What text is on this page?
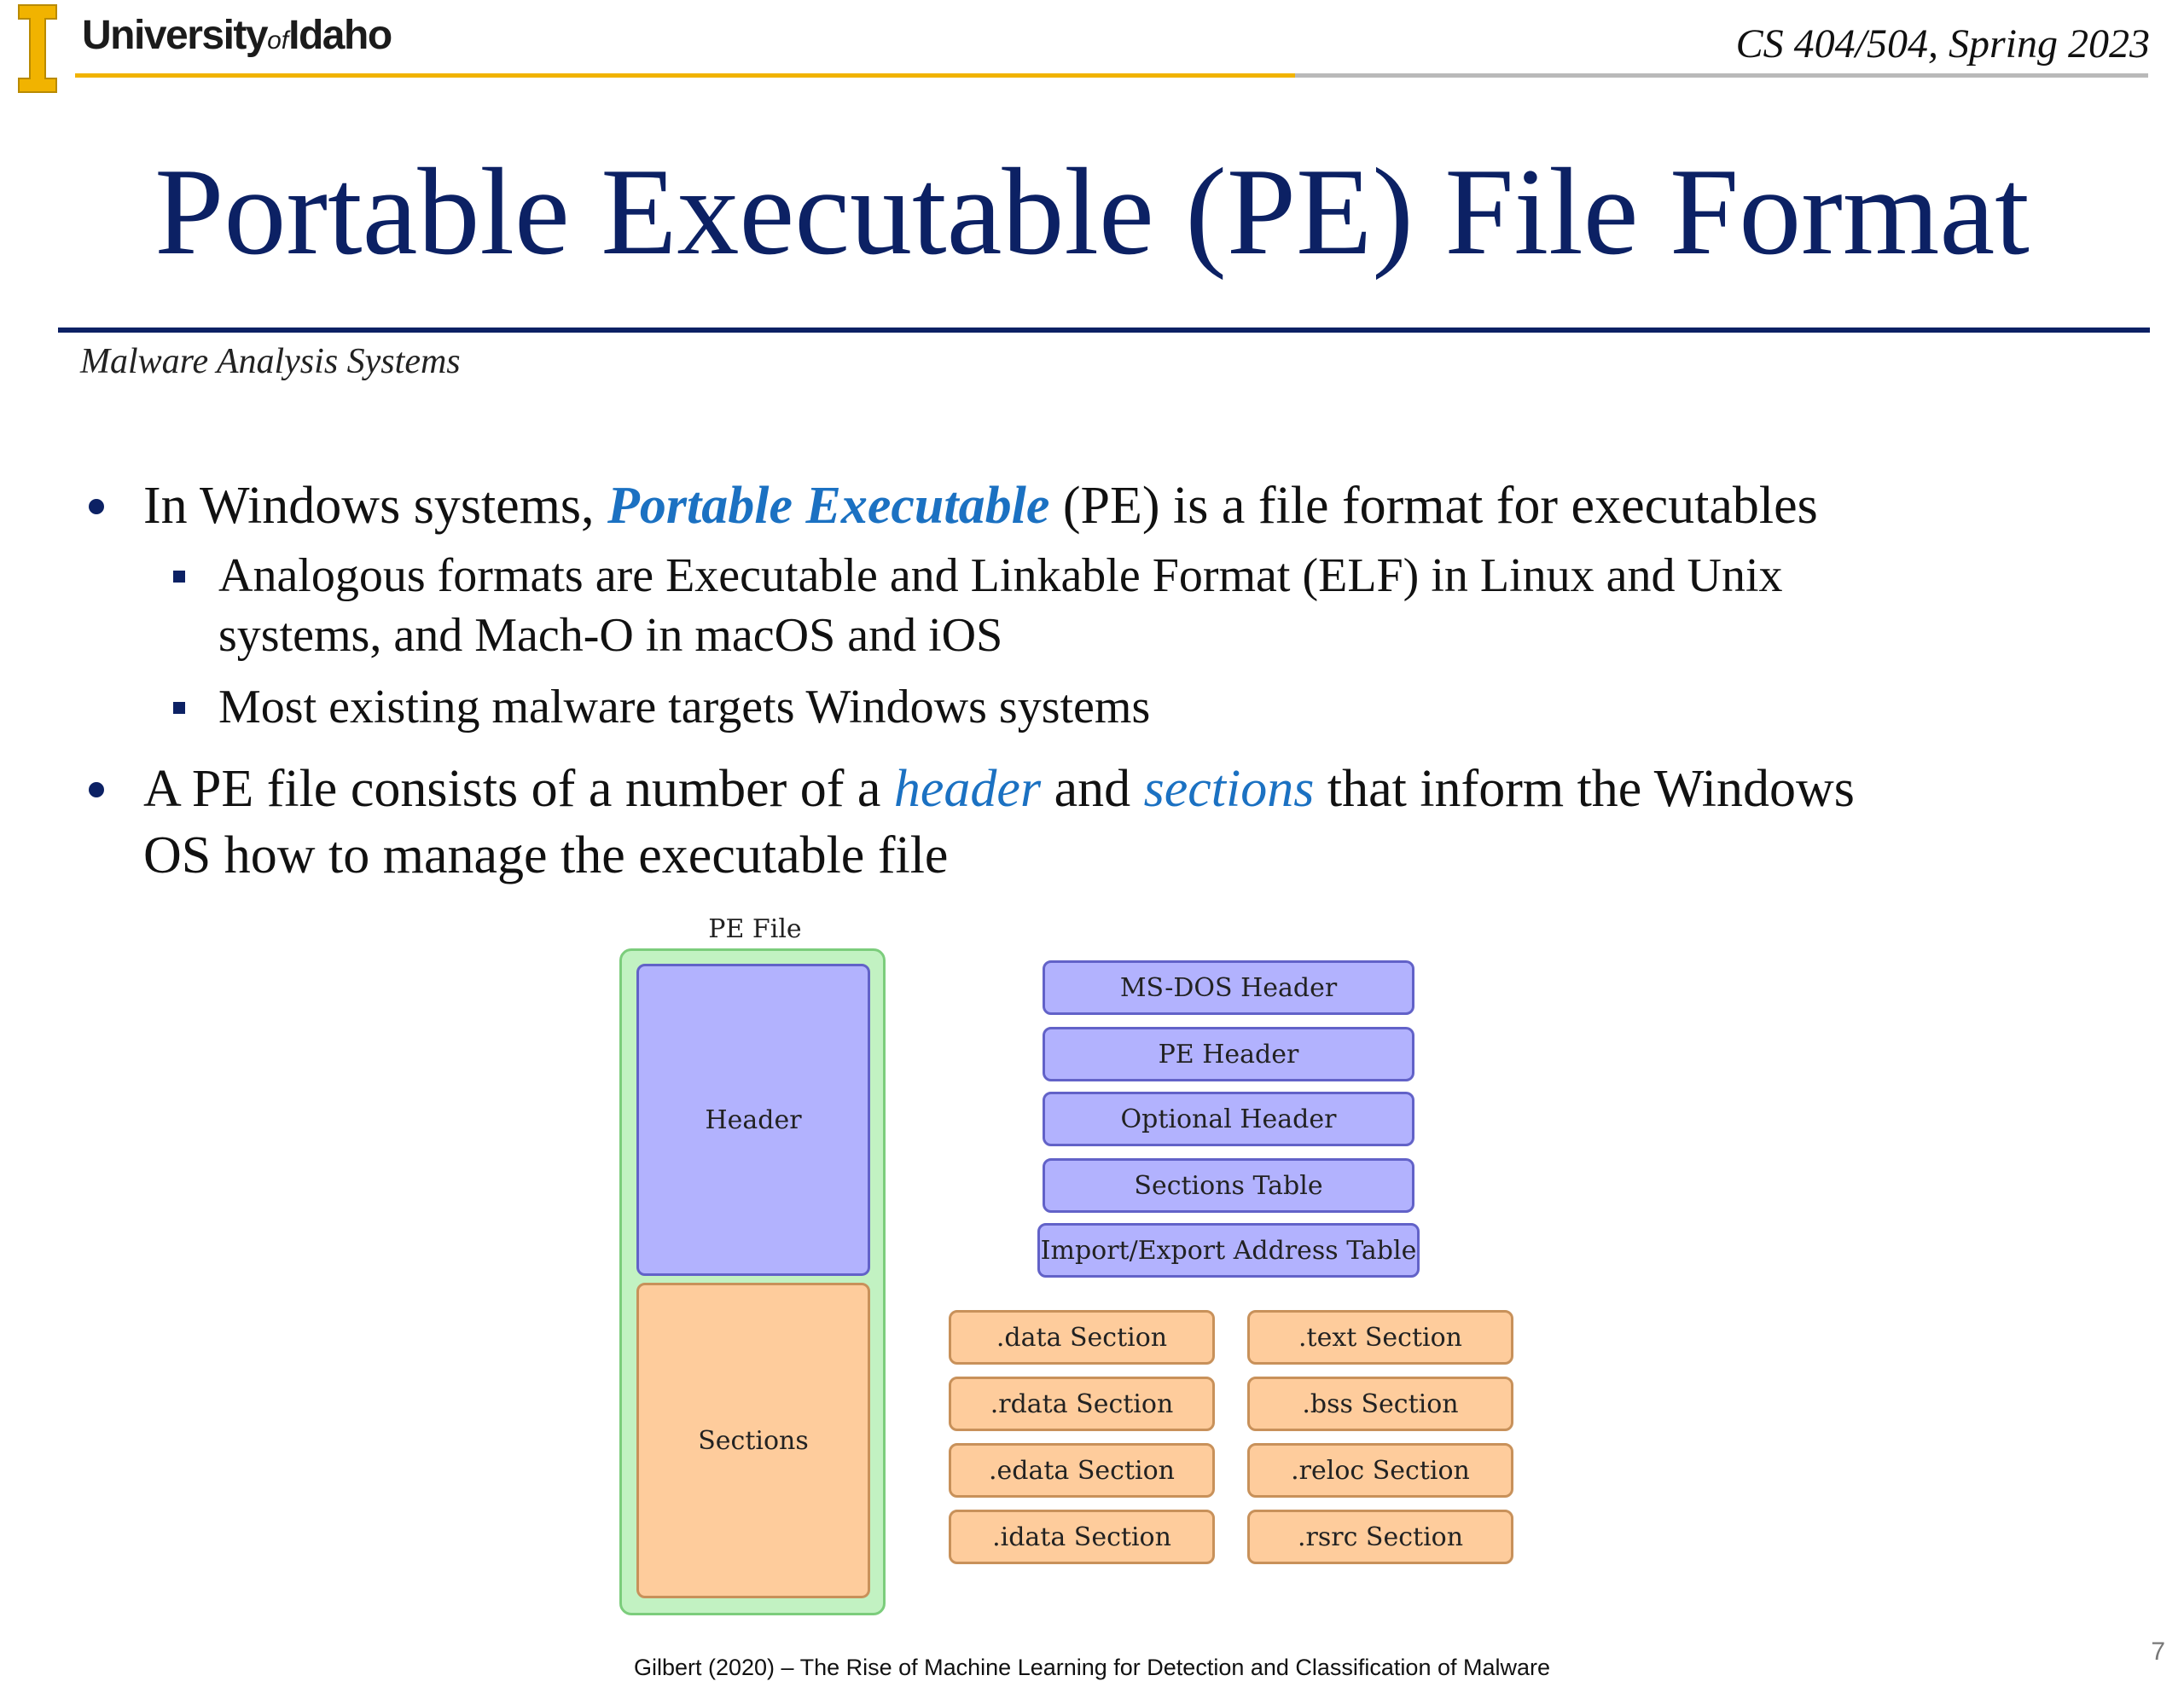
UniversityofIdaho	CS 404/504, Spring 2023
Portable Executable (PE) File Format
Malware Analysis Systems
In Windows systems, Portable Executable (PE) is a file format for executables
Analogous formats are Executable and Linkable Format (ELF) in Linux and Unix
systems, and Mach-O in macOS and iOS
Most existing malware targets Windows systems
A PE file consists of a number of a header and sections that inform the Windows
OS how to manage the executable file
PE File
Header
Sections
MS-DOS Header
PE Header
Optional Header
Sections Table
Import/Export Address Table
.data Section
.rdata Section
.edata Section
.idata Section
.text Section
.bss Section
.reloc Section
.rsrc Section
Gilbert (2020) – The Rise of Machine Learning for Detection and Classification of Malware
7
